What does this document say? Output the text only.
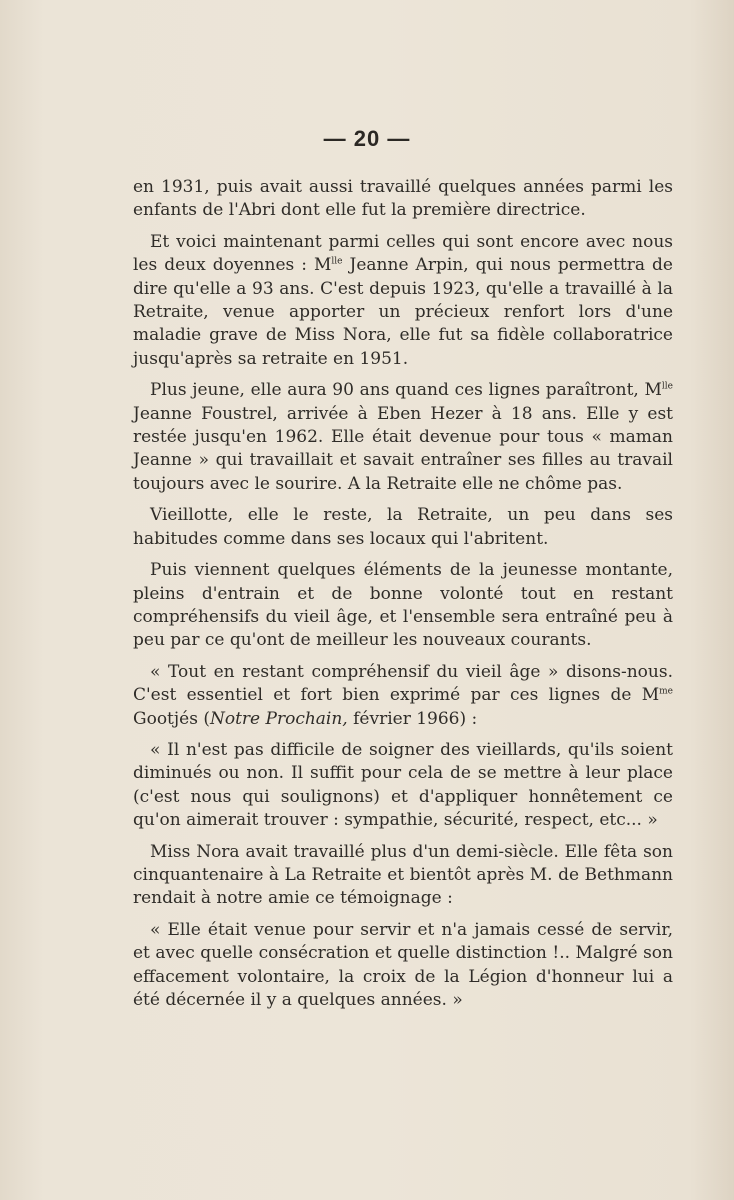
— 20 —

en 1931, puis avait aussi travaillé quelques années parmi les enfants de l'Abri dont elle fut la première directrice.

Et voici maintenant parmi celles qui sont encore avec nous les deux doyennes : $M^{lle}$ Jeanne Arpin, qui nous permettra de dire qu'elle a 93 ans. C'est depuis 1923, qu'elle a travaillé à la Retraite, venue apporter un précieux renfort lors d'une maladie grave de Miss Nora, elle fut sa fidèle collaboratrice jusqu'après sa retraite en 1951.

Plus jeune, elle aura 90 ans quand ces lignes paraîtront, $M^{lle}$ Jeanne Foustrel, arrivée à Eben Hezer à 18 ans. Elle y est restée jusqu'en 1962. Elle était devenue pour tous « maman Jeanne » qui travaillait et savait entraîner ses filles au travail toujours avec le sourire. A la Retraite elle ne chôme pas.

Vieillotte, elle le reste, la Retraite, un peu dans ses habitudes comme dans ses locaux qui l'abritent.

Puis viennent quelques éléments de la jeunesse montante, pleins d'entrain et de bonne volonté tout en restant compréhensifs du vieil âge, et l'ensemble sera entraîné peu à peu par ce qu'ont de meilleur les nouveaux courants.

« Tout en restant compréhensif du vieil âge » disons-nous. C'est essentiel et fort bien exprimé par ces lignes de $M^{me}$ Gootjés (Notre Prochain, février 1966) :

« Il n'est pas difficile de soigner des vieillards, qu'ils soient diminués ou non. Il suffit pour cela de se mettre à leur place (c'est nous qui soulignons) et d'appliquer honnêtement ce qu'on aimerait trouver : sympathie, sécurité, respect, etc... »

Miss Nora avait travaillé plus d'un demi-siècle. Elle fêta son cinquantenaire à La Retraite et bientôt après M. de Bethmann rendait à notre amie ce témoignage :

« Elle était venue pour servir et n'a jamais cessé de servir, et avec quelle consécration et quelle distinction !.. Malgré son effacement volontaire, la croix de la Légion d'honneur lui a été décernée il y a quelques années. »
